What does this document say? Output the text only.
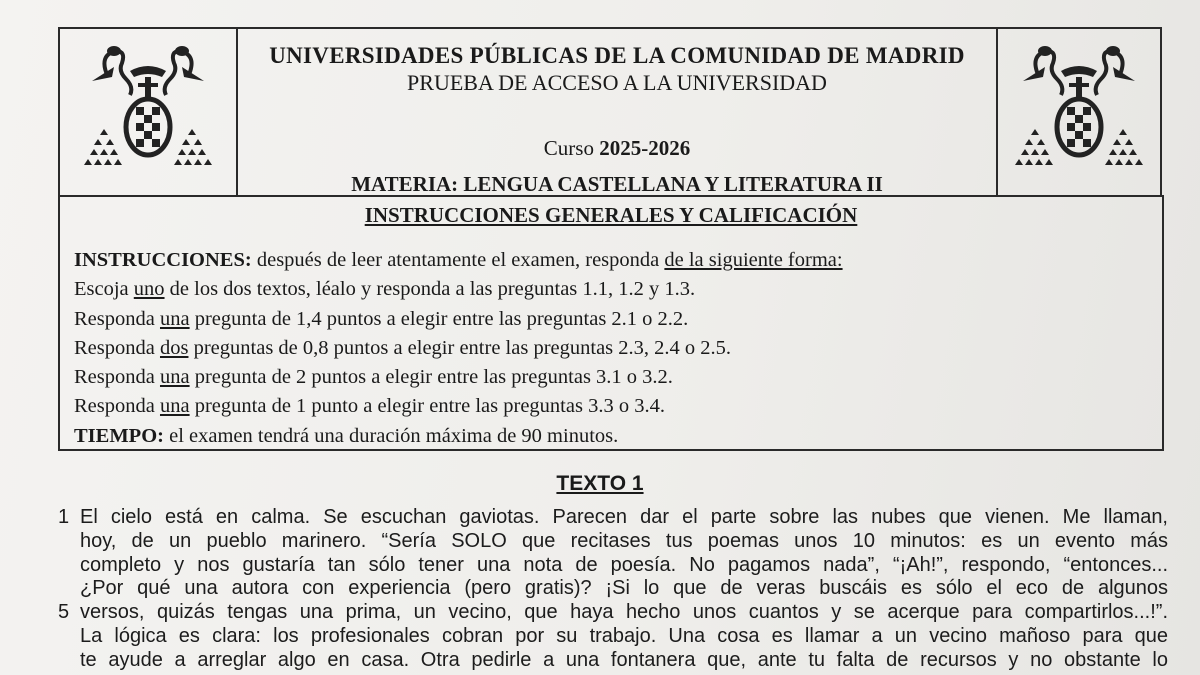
UNIVERSIDADES PÚBLICAS DE LA COMUNIDAD DE MADRID
PRUEBA DE ACCESO A LA UNIVERSIDAD
Curso 2025-2026
MATERIA: LENGUA CASTELLANA Y LITERATURA II
INSTRUCCIONES GENERALES Y CALIFICACIÓN
INSTRUCCIONES: después de leer atentamente el examen, responda de la siguiente forma:
Escoja uno de los dos textos, léalo y responda a las preguntas 1.1, 1.2 y 1.3.
Responda una pregunta de 1,4 puntos a elegir entre las preguntas 2.1 o 2.2.
Responda dos preguntas de 0,8 puntos a elegir entre las preguntas 2.3, 2.4 o 2.5.
Responda una pregunta de 2 puntos a elegir entre las preguntas 3.1 o 3.2.
Responda una pregunta de 1 punto a elegir entre las preguntas 3.3 o 3.4.
TIEMPO: el examen tendrá una duración máxima de 90 minutos.
TEXTO 1
1 El cielo está en calma. Se escuchan gaviotas. Parecen dar el parte sobre las nubes que vienen. Me llaman,
hoy, de un pueblo marinero. “Sería SOLO que recitases tus poemas unos 10 minutos: es un evento más
completo y nos gustaría tan sólo tener una nota de poesía. No pagamos nada”, “¡Ah!”, respondo, “entonces...
¿Por qué una autora con experiencia (pero gratis)? ¡Si lo que de veras buscáis es sólo el eco de algunos
5 versos, quizás tengas una prima, un vecino, que haya hecho unos cuantos y se acerque para compartirlos...!”.
La lógica es clara: los profesionales cobran por su trabajo. Una cosa es llamar a un vecino mañoso para que
te ayude a arreglar algo en casa. Otra pedirle a una fontanera que, ante tu falta de recursos y no obstante lo
